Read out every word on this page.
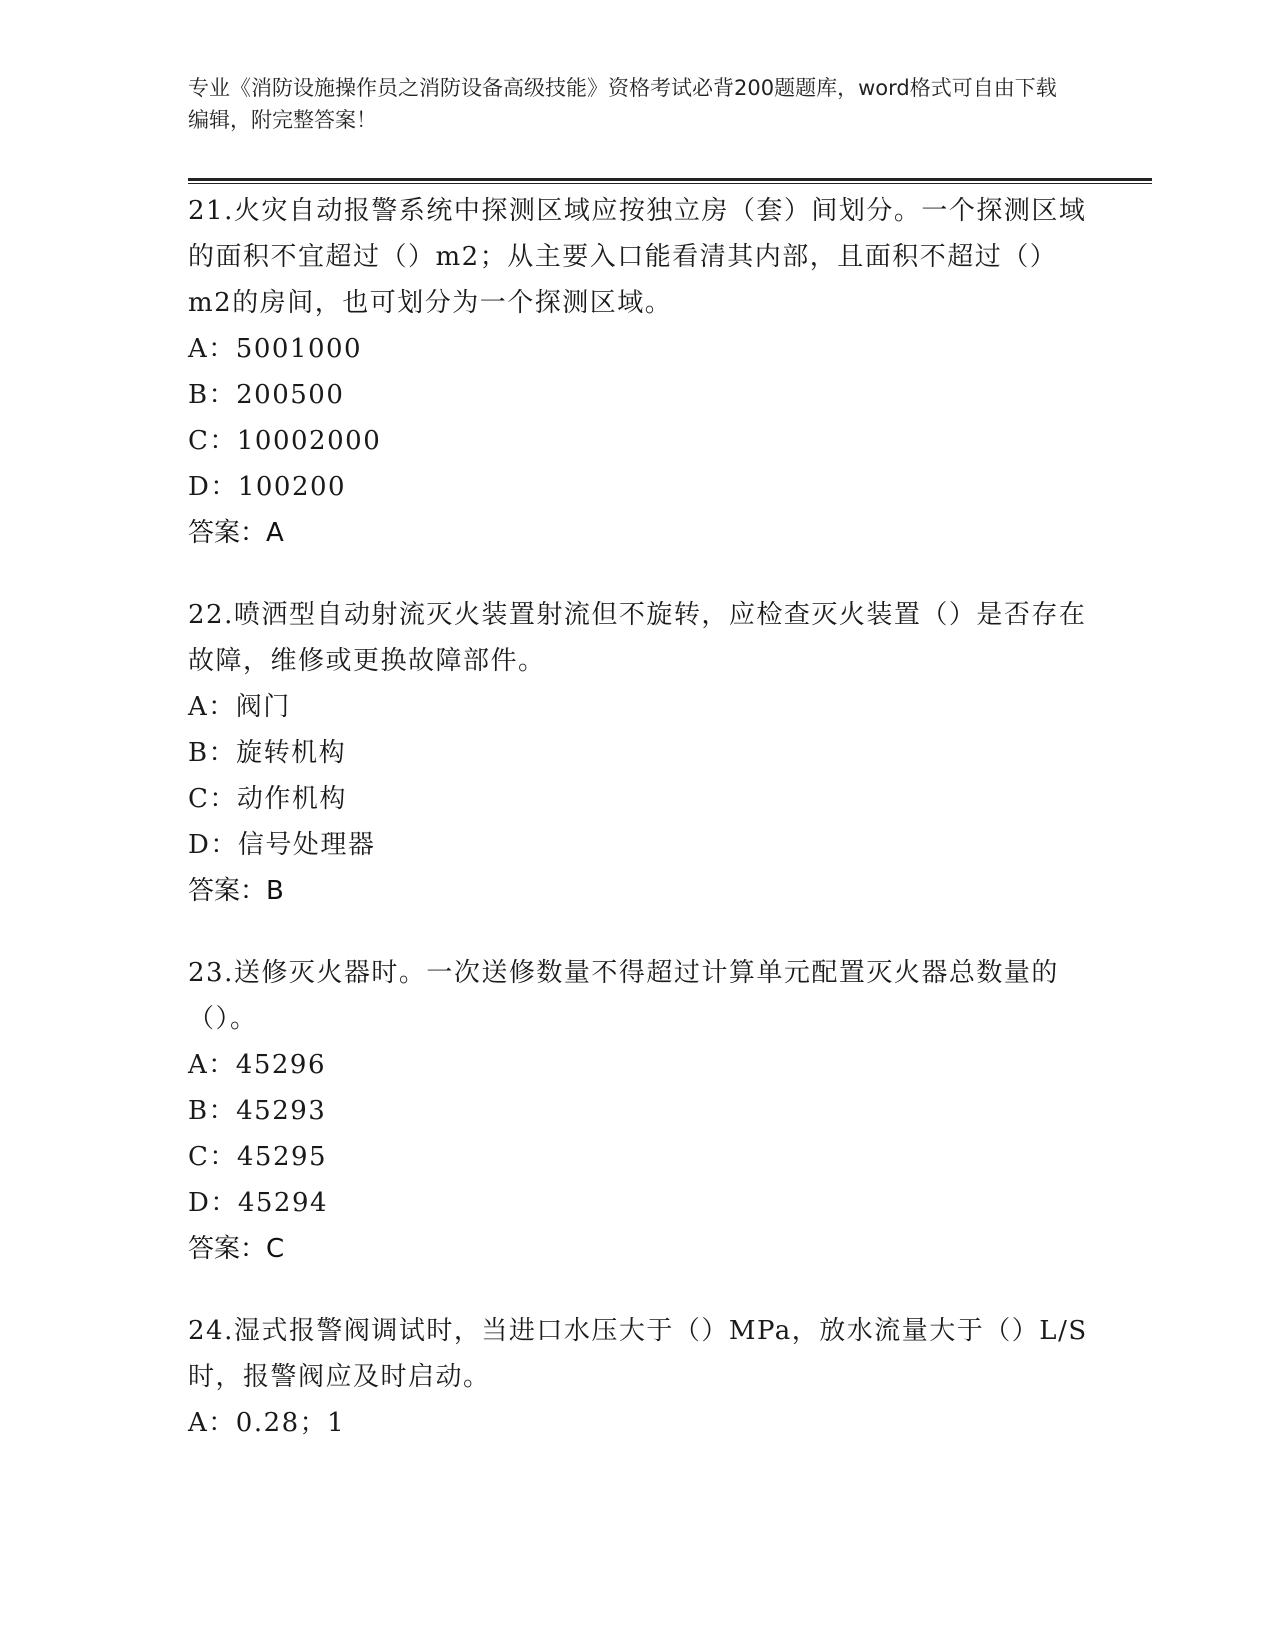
专业《消防设施操作员之消防设备高级技能》资格考试必背200题题库，word格式可自由下载编辑，附完整答案！
21.火灾自动报警系统中探测区域应按独立房（套）间划分。一个探测区域的面积不宜超过（）m2；从主要入口能看清其内部，且面积不超过（）m2的房间，也可划分为一个探测区域。
A：5001000
B：200500
C：10002000
D：100200
答案：A
22.喷洒型自动射流灭火装置射流但不旋转，应检查灭火装置（）是否存在故障，维修或更换故障部件。
A：阀门
B：旋转机构
C：动作机构
D：信号处理器
答案：B
23.送修灭火器时。一次送修数量不得超过计算单元配置灭火器总数量的（）。
A：45296
B：45293
C：45295
D：45294
答案：C
24.湿式报警阀调试时，当进口水压大于（）MPa，放水流量大于（）L/S时，报警阀应及时启动。
A：0.28；1
